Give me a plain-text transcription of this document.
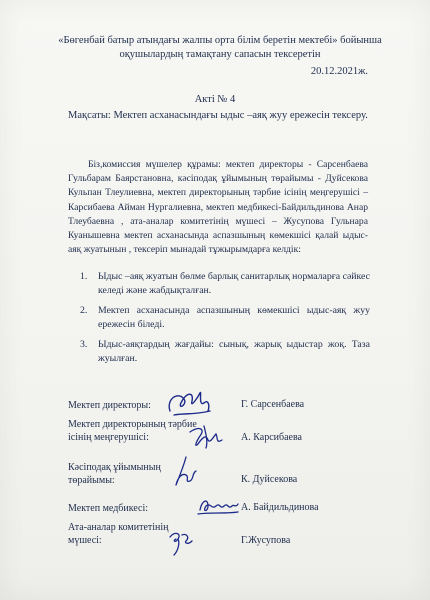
«Бөгенбай батыр атындағы жалпы орта білім беретін мектебі» бойынша
оқушылардың тамақтану сапасын тексеретін
20.12.2021ж.
Акті № 4
Мақсаты: Мектеп асханасындағы ыдыс –аяқ жуу ережесін тексеру.
Біз,комиссия мүшелер құрамы: мектеп директоры - Сарсенбаева Гульбарам Баярстановна, кәсіподақ ұйымының төрайымы - Дуйсекова Кульпан Тлеулиевна, мектеп директорының тәрбие ісінің меңгерушісі – Карсибаева Айман Нургалиевна, мектеп медбикесі-Байдильдинова Анар Тлеубаевна , ата-аналар комитетінің мүшесі – Жусупова Гульнара Куанышевна мектеп асханасында аспазшының көмекшісі қалай ыдыс-аяқ жуатынын , тексеріп мынадай тұжырымдарға келдік:
1. Ыдыс –аяқ жуатын бөлме барлық санитарлық нормаларға сәйкес келеді және жабдықталған.
2. Мектеп асханасында аспазшының көмекшісі ыдыс-аяқ жуу ережесін біледі.
3. Ыдыс-аяқтардың жағдайы: сынық, жарық ыдыстар жоқ. Таза жуылған.
Мектеп директоры:	Г. Сарсенбаева
Мектеп директорының тәрбие ісінің меңгерушісі:	А. Карсибаева
Кәсіподақ ұйымының төрайымы:	К. Дуйсекова
Мектеп медбикесі:	А. Байдильдинова
Ата-аналар комитетінің мүшесі:	Г.Жусупова
